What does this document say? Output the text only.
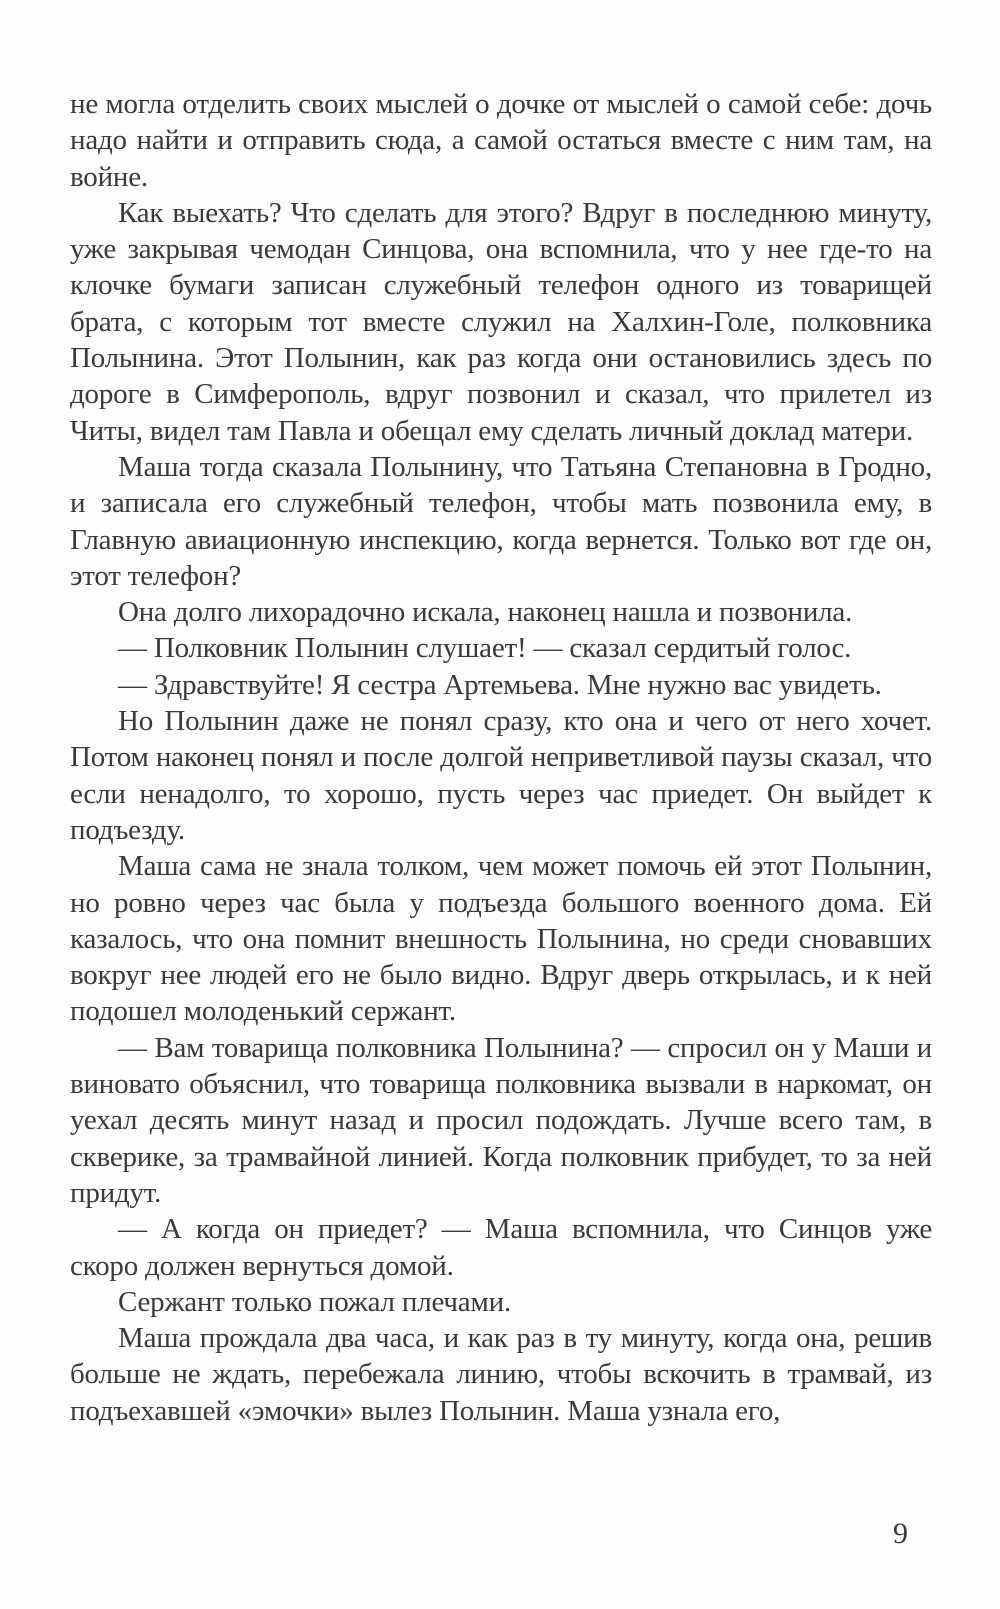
не могла отделить своих мыслей о дочке от мыслей о самой себе: дочь надо найти и отправить сюда, а самой остаться вместе с ним там, на войне.

Как выехать? Что сделать для этого? Вдруг в последнюю минуту, уже закрывая чемодан Синцова, она вспомнила, что у нее где-то на клочке бумаги записан служебный телефон одного из товарищей брата, с которым тот вместе служил на Халхин-Голе, полковника Полынина. Этот Полынин, как раз когда они остановились здесь по дороге в Симферополь, вдруг позвонил и сказал, что прилетел из Читы, видел там Павла и обещал ему сделать личный доклад матери.

Маша тогда сказала Полынину, что Татьяна Степановна в Гродно, и записала его служебный телефон, чтобы мать позвонила ему, в Главную авиационную инспекцию, когда вернется. Только вот где он, этот телефон?

Она долго лихорадочно искала, наконец нашла и позвонила.

— Полковник Полынин слушает! — сказал сердитый голос.

— Здравствуйте! Я сестра Артемьева. Мне нужно вас увидеть.

Но Полынин даже не понял сразу, кто она и чего от него хочет. Потом наконец понял и после долгой неприветливой паузы сказал, что если ненадолго, то хорошо, пусть через час приедет. Он выйдет к подъезду.

Маша сама не знала толком, чем может помочь ей этот Полынин, но ровно через час была у подъезда большого военного дома. Ей казалось, что она помнит внешность Полынина, но среди сновавших вокруг нее людей его не было видно. Вдруг дверь открылась, и к ней подошел молоденький сержант.

— Вам товарища полковника Полынина? — спросил он у Маши и виновато объяснил, что товарища полковника вызвали в наркомат, он уехал десять минут назад и просил подождать. Лучше всего там, в скверике, за трамвайной линией. Когда полковник прибудет, то за ней придут.

— А когда он приедет? — Маша вспомнила, что Синцов уже скоро должен вернуться домой.

Сержант только пожал плечами.

Маша прождала два часа, и как раз в ту минуту, когда она, решив больше не ждать, перебежала линию, чтобы вскочить в трамвай, из подъехавшей «эмочки» вылез Полынин. Маша узнала его,

9
